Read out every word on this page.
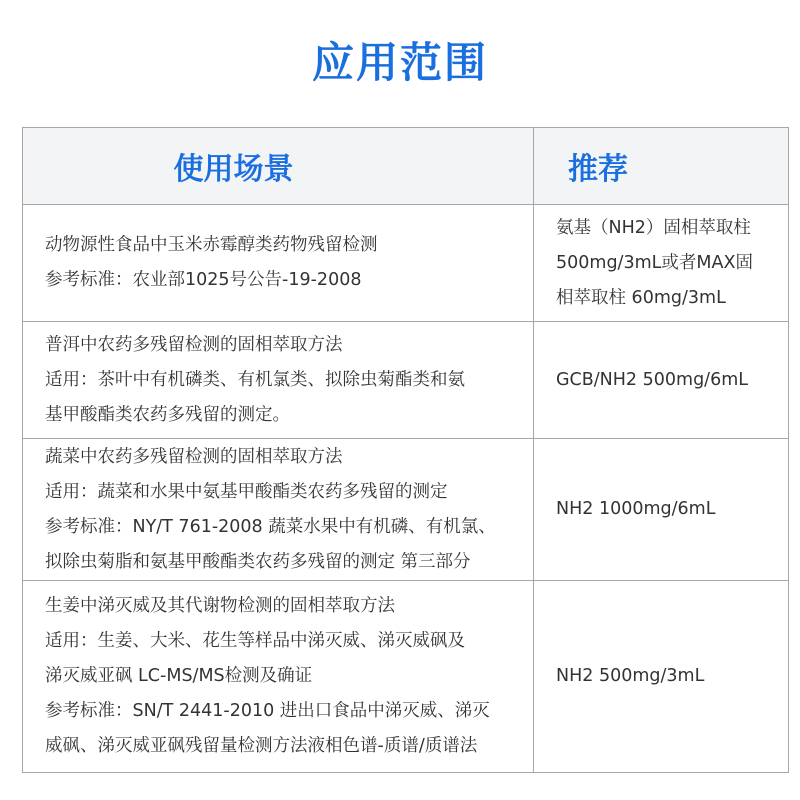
应用范围
使用场景	推荐

动物源性食品中玉米赤霉醇类药物残留检测
参考标准：农业部1025号公告-19-2008	氨基（NH2）固相萃取柱
500mg/3mL或者MAX固
相萃取柱 60mg/3mL

普洱中农药多残留检测的固相萃取方法
适用：茶叶中有机磷类、有机氯类、拟除虫菊酯类和氨
基甲酸酯类农药多残留的测定。	GCB/NH2 500mg/6mL

蔬菜中农药多残留检测的固相萃取方法
适用：蔬菜和水果中氨基甲酸酯类农药多残留的测定
参考标准：NY/T 761-2008 蔬菜水果中有机磷、有机氯、
拟除虫菊脂和氨基甲酸酯类农药多残留的测定 第三部分	NH2 1000mg/6mL

生姜中涕灭威及其代谢物检测的固相萃取方法
适用：生姜、大米、花生等样品中涕灭威、涕灭威砜及
涕灭威亚砜 LC-MS/MS检测及确证
参考标准：SN/T 2441-2010 进出口食品中涕灭威、涕灭
威砜、涕灭威亚砜残留量检测方法液相色谱-质谱/质谱法	NH2 500mg/3mL
